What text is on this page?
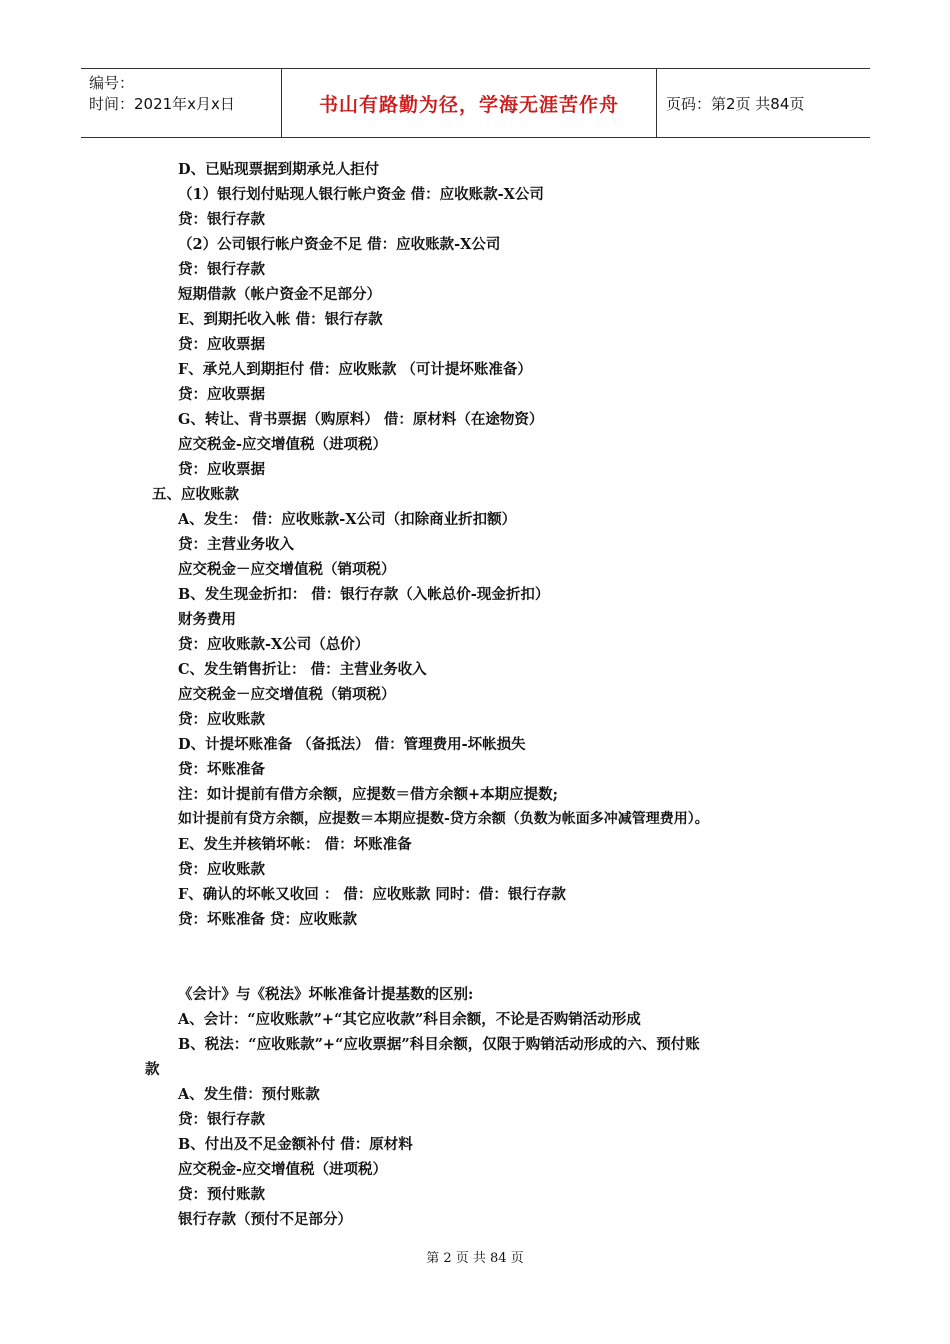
编号：
时间：2021年x月x日	书山有路勤为径，学海无涯苦作舟	页码：第2页 共84页
D、已贴现票据到期承兑人拒付
（1）银行划付贴现人银行帐户资金 借：应收账款-X公司
贷：银行存款
（2）公司银行帐户资金不足 借：应收账款-X公司
贷：银行存款
短期借款（帐户资金不足部分）
E、到期托收入帐 借：银行存款
贷：应收票据
F、承兑人到期拒付 借：应收账款 （可计提坏账准备）
贷：应收票据
G、转让、背书票据（购原料） 借：原材料（在途物资）
应交税金-应交增值税（进项税）
贷：应收票据
五、应收账款
A、发生： 借：应收账款-X公司（扣除商业折扣额）
贷：主营业务收入
应交税金－应交增值税（销项税）
B、发生现金折扣： 借：银行存款（入帐总价-现金折扣）
财务费用
贷：应收账款-X公司（总价）
C、发生销售折让： 借：主营业务收入
应交税金－应交增值税（销项税）
贷：应收账款
D、计提坏账准备 （备抵法） 借：管理费用-坏帐损失
贷：坏账准备
注：如计提前有借方余额，应提数＝借方余额+本期应提数;
如计提前有贷方余额，应提数＝本期应提数-贷方余额（负数为帐面多冲减管理费用）。
E、发生并核销坏帐： 借：坏账准备
贷：应收账款
F、确认的坏帐又收回 ： 借：应收账款 同时：借：银行存款
贷：坏账准备 贷：应收账款
《会计》与《税法》坏帐准备计提基数的区别:
A、会计：“应收账款”+“其它应收款”科目余额，不论是否购销活动形成
B、税法：“应收账款”+“应收票据”科目余额，仅限于购销活动形成的六、预付账
款
A、发生借：预付账款
贷：银行存款
B、付出及不足金额补付 借：原材料
应交税金-应交增值税（进项税）
贷：预付账款
银行存款（预付不足部分）
第 2 页 共 84 页
